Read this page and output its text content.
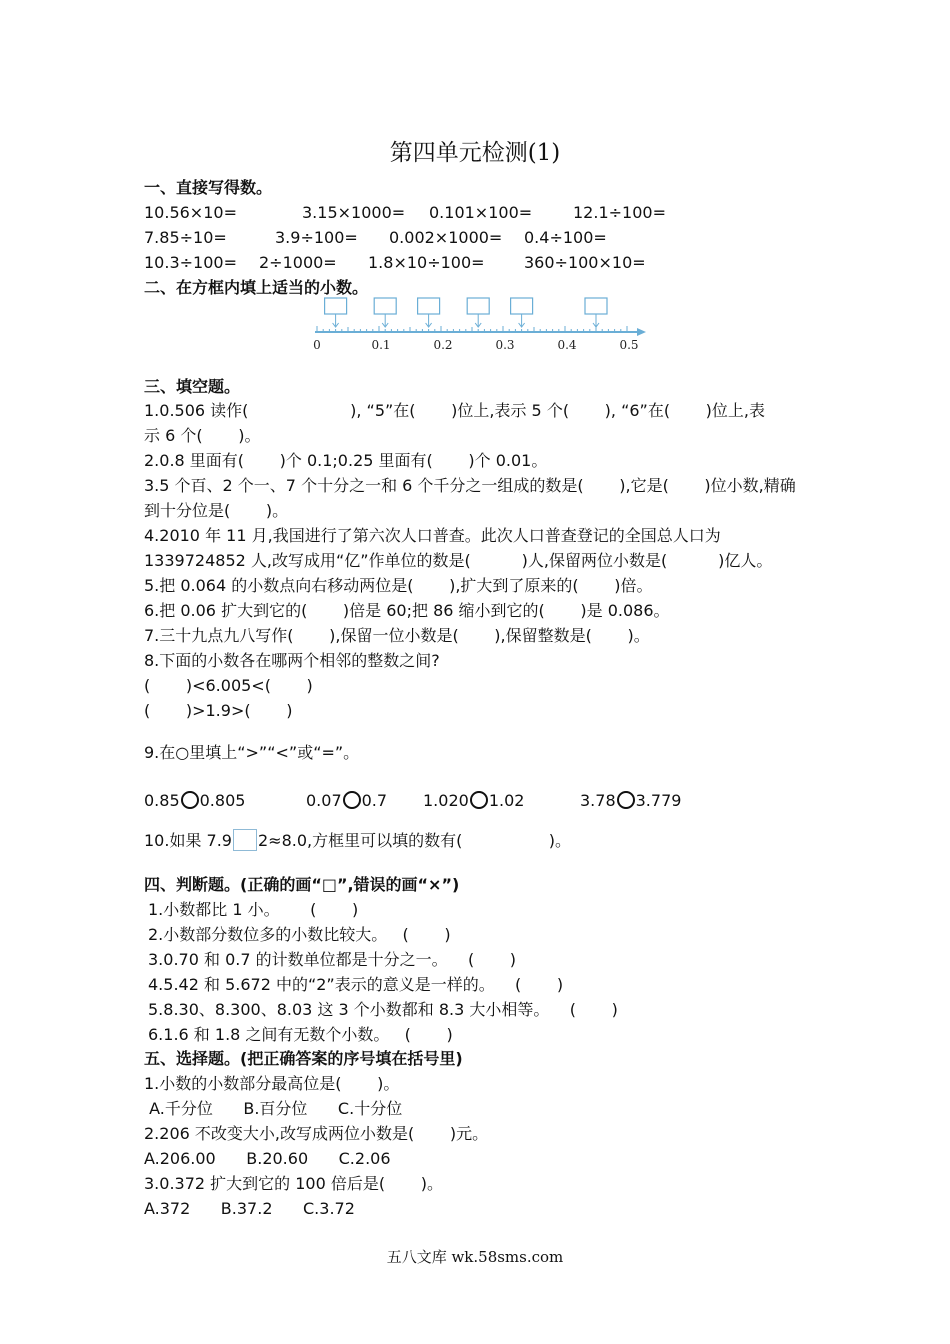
第四单元检测(1)
一、直接写得数。
10.56×10=	3.15×1000= 0.101×100=	12.1÷100=
7.85÷10=	3.9÷100= 0.002×1000= 0.4÷100=
10.3÷100= 2÷1000= 1.8×10÷100= 360÷100×10=
二、在方框内填上适当的小数。
0	0.1	0.2	0.3	0.4	0.5
三、填空题。
1.0.506 读作(                    ), “5”在(       )位上,表示 5 个(       ), “6”在(       )位上,表
示 6 个(       )。
2.0.8 里面有(       )个 0.1;0.25 里面有(       )个 0.01。
3.5 个百、2 个一、7 个十分之一和 6 个千分之一组成的数是(       ),它是(       )位小数,精确
到十分位是(       )。
4.2010 年 11 月,我国进行了第六次人口普查。此次人口普查登记的全国总人口为
1339724852 人,改写成用“亿”作单位的数是(          )人,保留两位小数是(          )亿人。
5.把 0.064 的小数点向右移动两位是(       ),扩大到了原来的(       )倍。
6.把 0.06 扩大到它的(       )倍是 60;把 86 缩小到它的(       )是 0.086。
7.三十九点九八写作(       ),保留一位小数是(       ),保留整数是(       )。
8.下面的小数各在哪两个相邻的整数之间?
(       )<6.005<(       )
(       )>1.9>(       )
9.在○里填上“>”“<”或“=”。
0.85 0.805	0.07 0.7 1.020 1.02	3.78 3.779
10.如果 7.9 2≈8.0,方框里可以填的数有(                 )。
四、判断题。(正确的画“□”,错误的画“×”)
1.小数都比 1 小。      (       )
2.小数部分数位多的小数比较大。   (       )
3.0.70 和 0.7 的计数单位都是十分之一。    (       )
4.5.42 和 5.672 中的“2”表示的意义是一样的。    (       )
5.8.30、8.300、8.03 这 3 个小数都和 8.3 大小相等。    (       )
6.1.6 和 1.8 之间有无数个小数。   (       )
五、选择题。(把正确答案的序号填在括号里)
1.小数的小数部分最高位是(       )。
A.千分位      B.百分位      C.十分位
2.206 不改变大小,改写成两位小数是(       )元。
A.206.00      B.20.60      C.2.06
3.0.372 扩大到它的 100 倍后是(       )。
A.372      B.37.2      C.3.72
五八文库 wk.58sms.com
